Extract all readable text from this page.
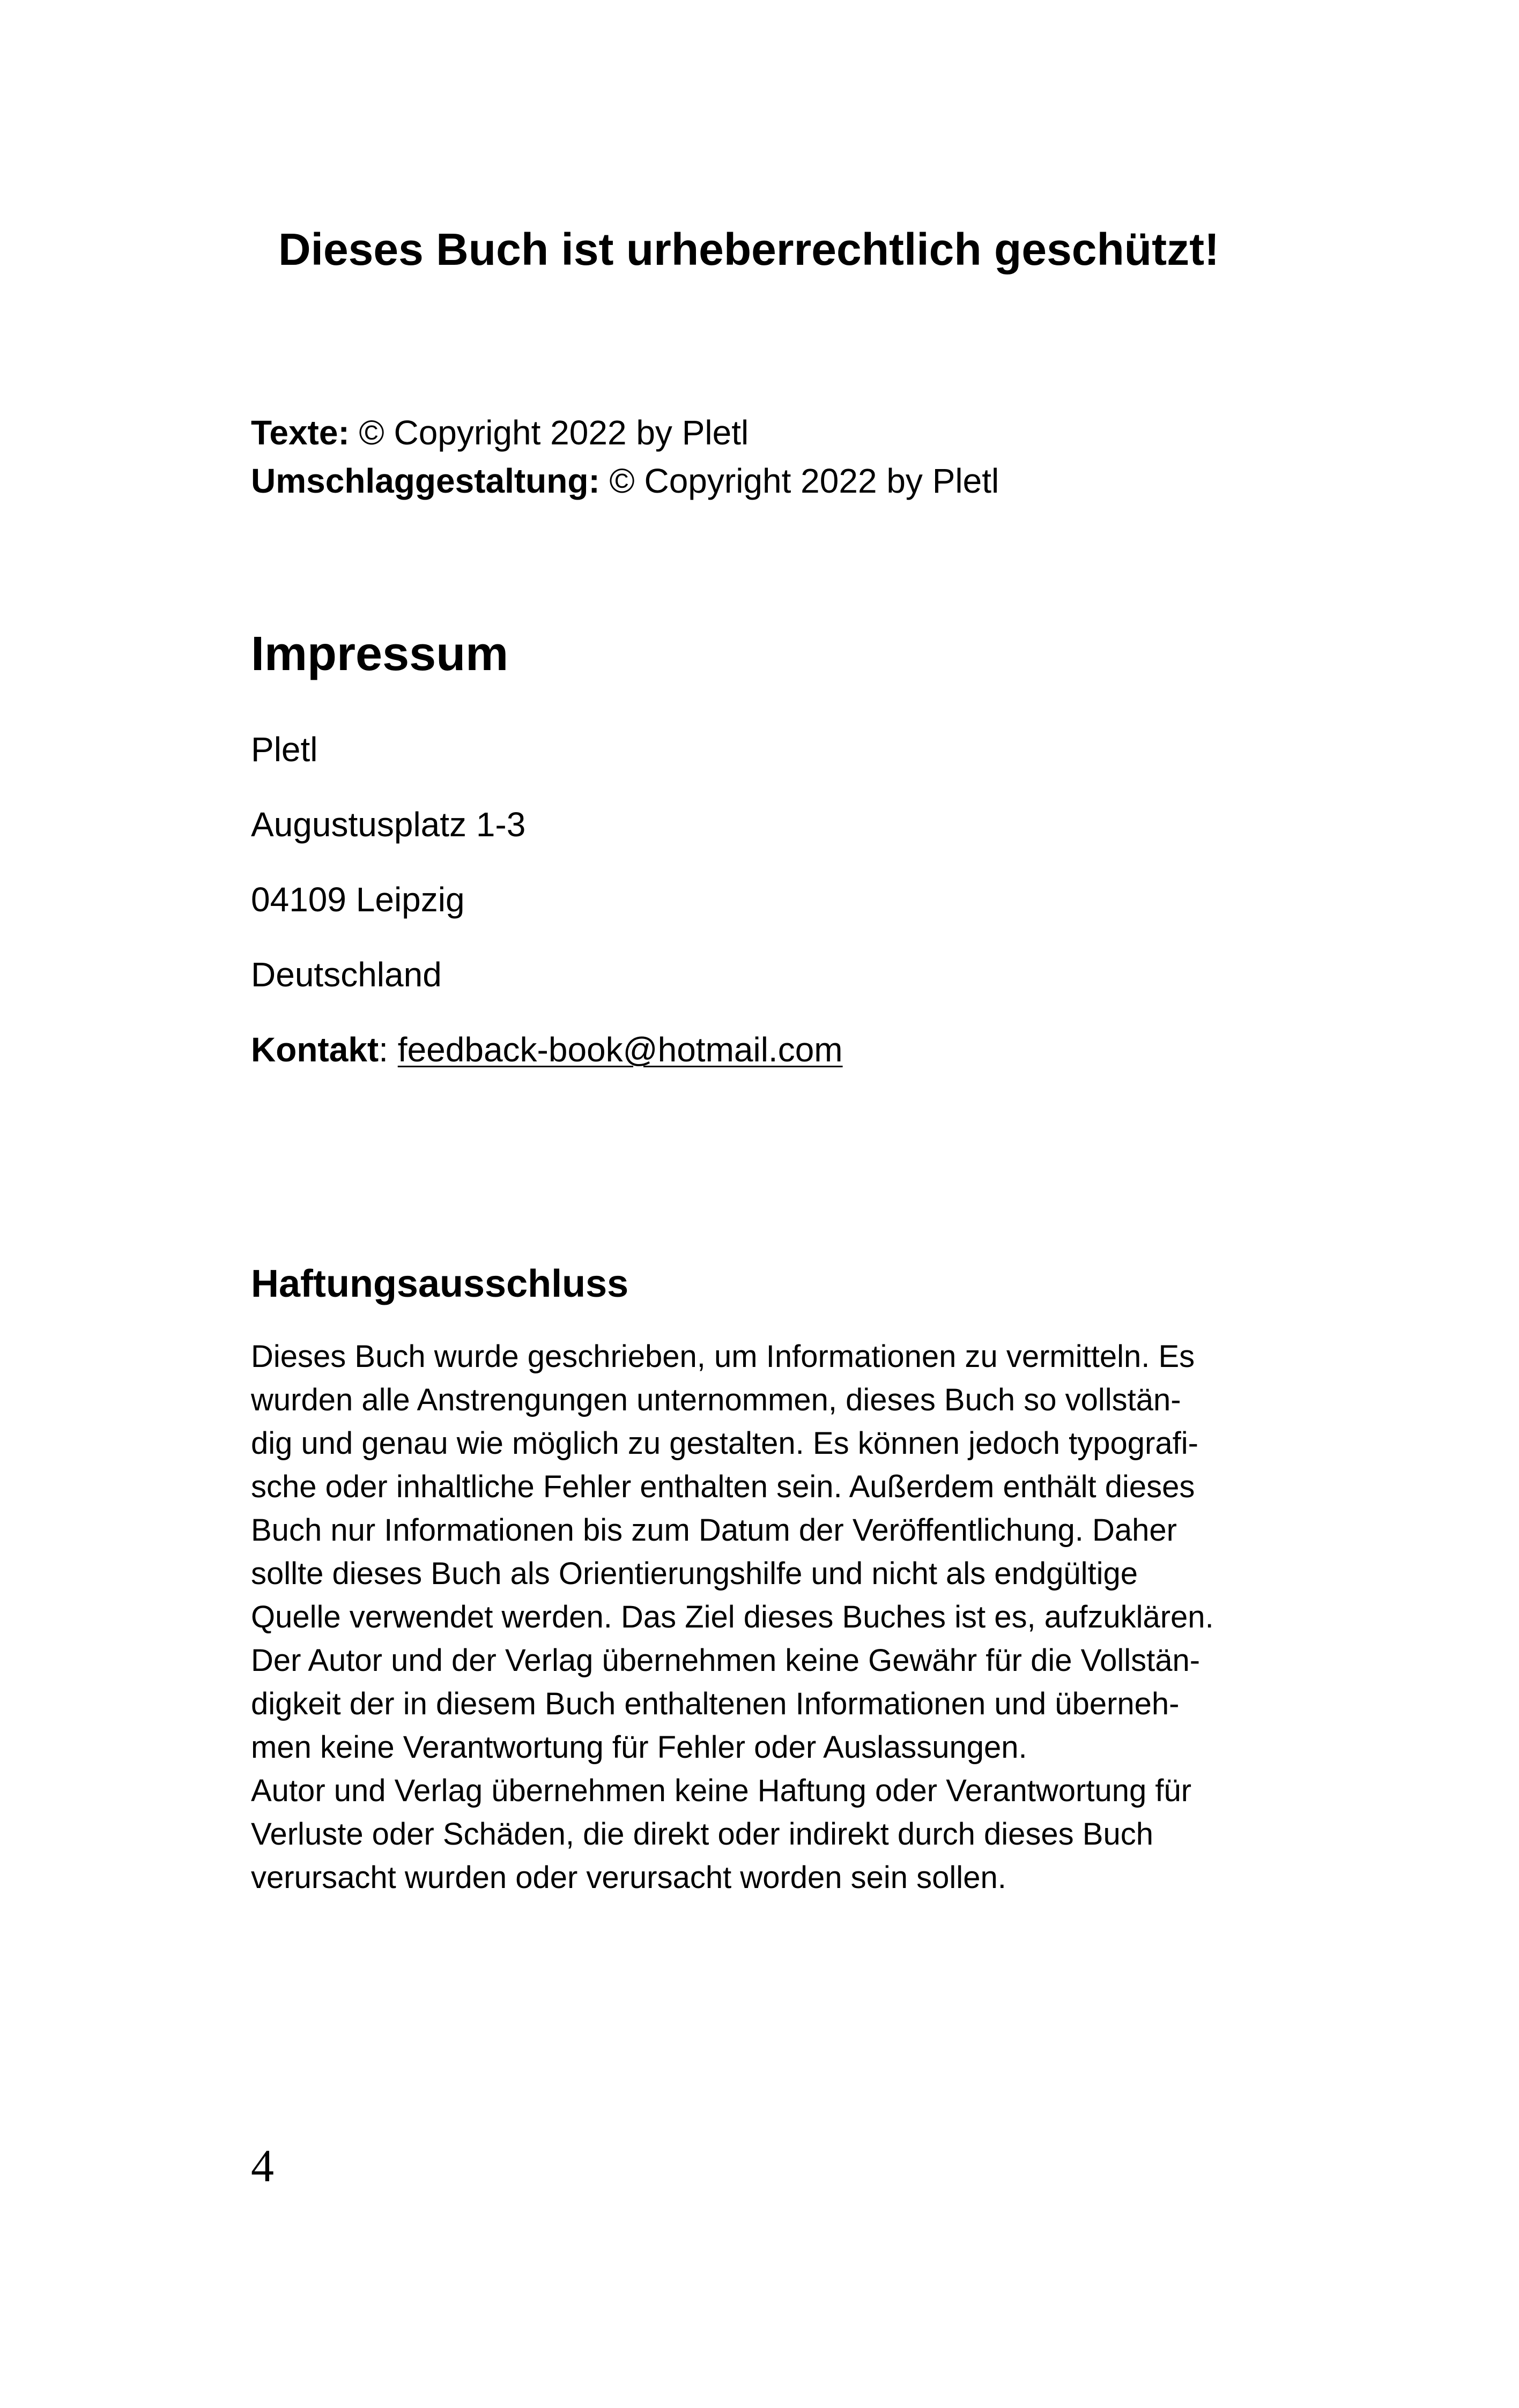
Dieses Buch ist urheberrechtlich geschützt!

Texte: © Copyright 2022 by Pletl

Umschlaggestaltung: © Copyright 2022 by Pletl

Impressum

Pletl

Augustusplatz 1-3

04109 Leipzig

Deutschland

Kontakt: feedback-book@hotmail.com

Haftungsausschluss

Dieses Buch wurde geschrieben, um Informationen zu vermitteln. Es
wurden alle Anstrengungen unternommen, dieses Buch so vollstän-
dig und genau wie möglich zu gestalten. Es können jedoch typografi-
sche oder inhaltliche Fehler enthalten sein. Außerdem enthält dieses
Buch nur Informationen bis zum Datum der Veröffentlichung. Daher
sollte dieses Buch als Orientierungshilfe und nicht als endgültige
Quelle verwendet werden. Das Ziel dieses Buches ist es, aufzuklären.
Der Autor und der Verlag übernehmen keine Gewähr für die Vollstän-
digkeit der in diesem Buch enthaltenen Informationen und überneh-
men keine Verantwortung für Fehler oder Auslassungen.
Autor und Verlag übernehmen keine Haftung oder Verantwortung für
Verluste oder Schäden, die direkt oder indirekt durch dieses Buch
verursacht wurden oder verursacht worden sein sollen.

4
